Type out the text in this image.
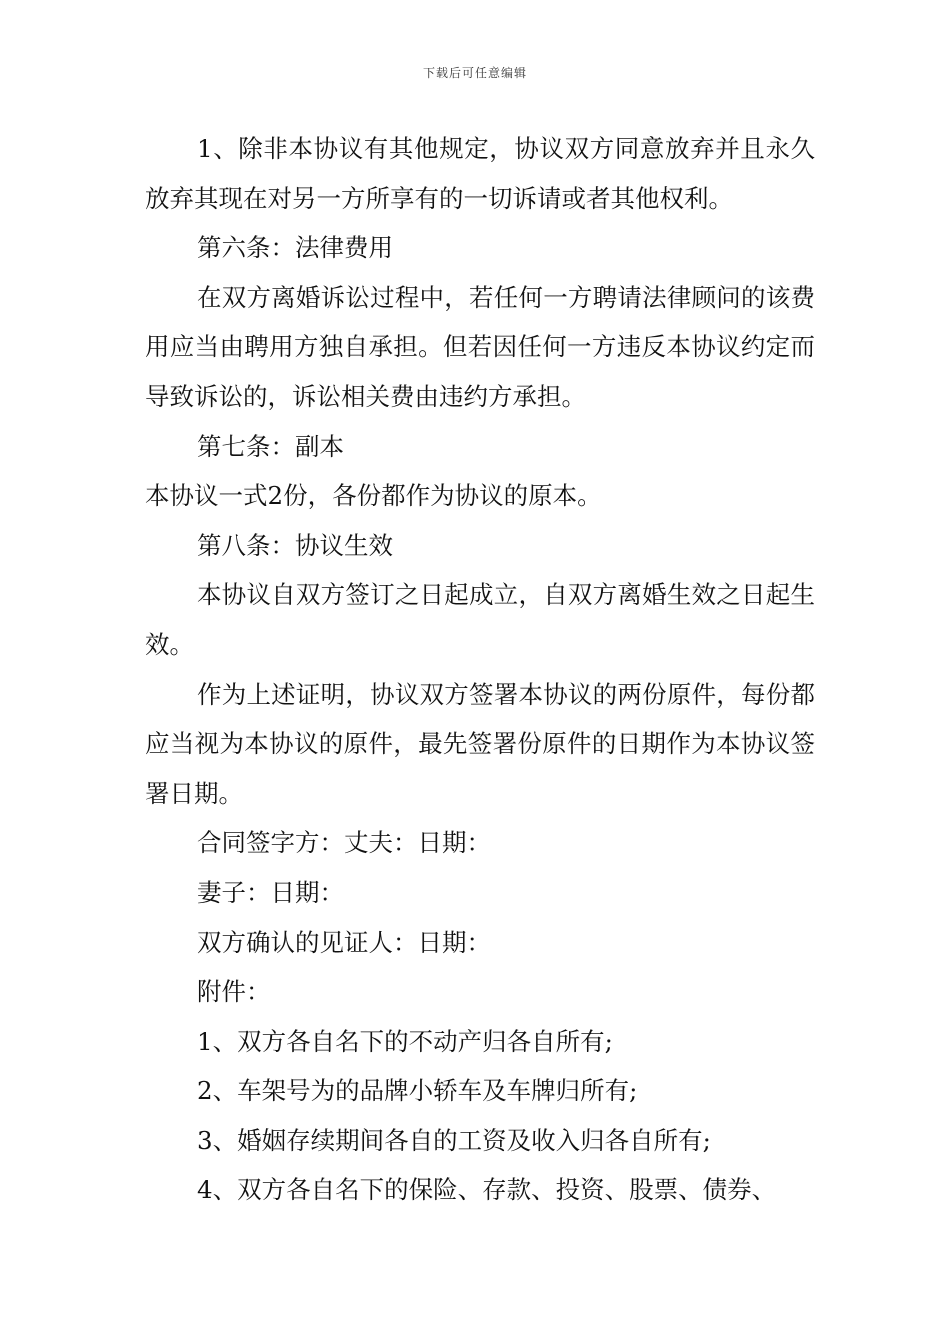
下载后可任意编辑

1、除非本协议有其他规定，协议双方同意放弃并且永久放弃其现在对另一方所享有的一切诉请或者其他权利。

第六条：法律费用

在双方离婚诉讼过程中，若任何一方聘请法律顾问的该费用应当由聘用方独自承担。但若因任何一方违反本协议约定而导致诉讼的，诉讼相关费由违约方承担。

第七条：副本

本协议一式2份，各份都作为协议的原本。

第八条：协议生效

本协议自双方签订之日起成立，自双方离婚生效之日起生效。

作为上述证明，协议双方签署本协议的两份原件，每份都应当视为本协议的原件，最先签署份原件的日期作为本协议签署日期。

合同签字方：丈夫：日期：

妻子：日期：

双方确认的见证人：日期：

附件：

1、双方各自名下的不动产归各自所有;

2、车架号为的品牌小轿车及车牌归所有;

3、婚姻存续期间各自的工资及收入归各自所有;

4、双方各自名下的保险、存款、投资、股票、债券、
